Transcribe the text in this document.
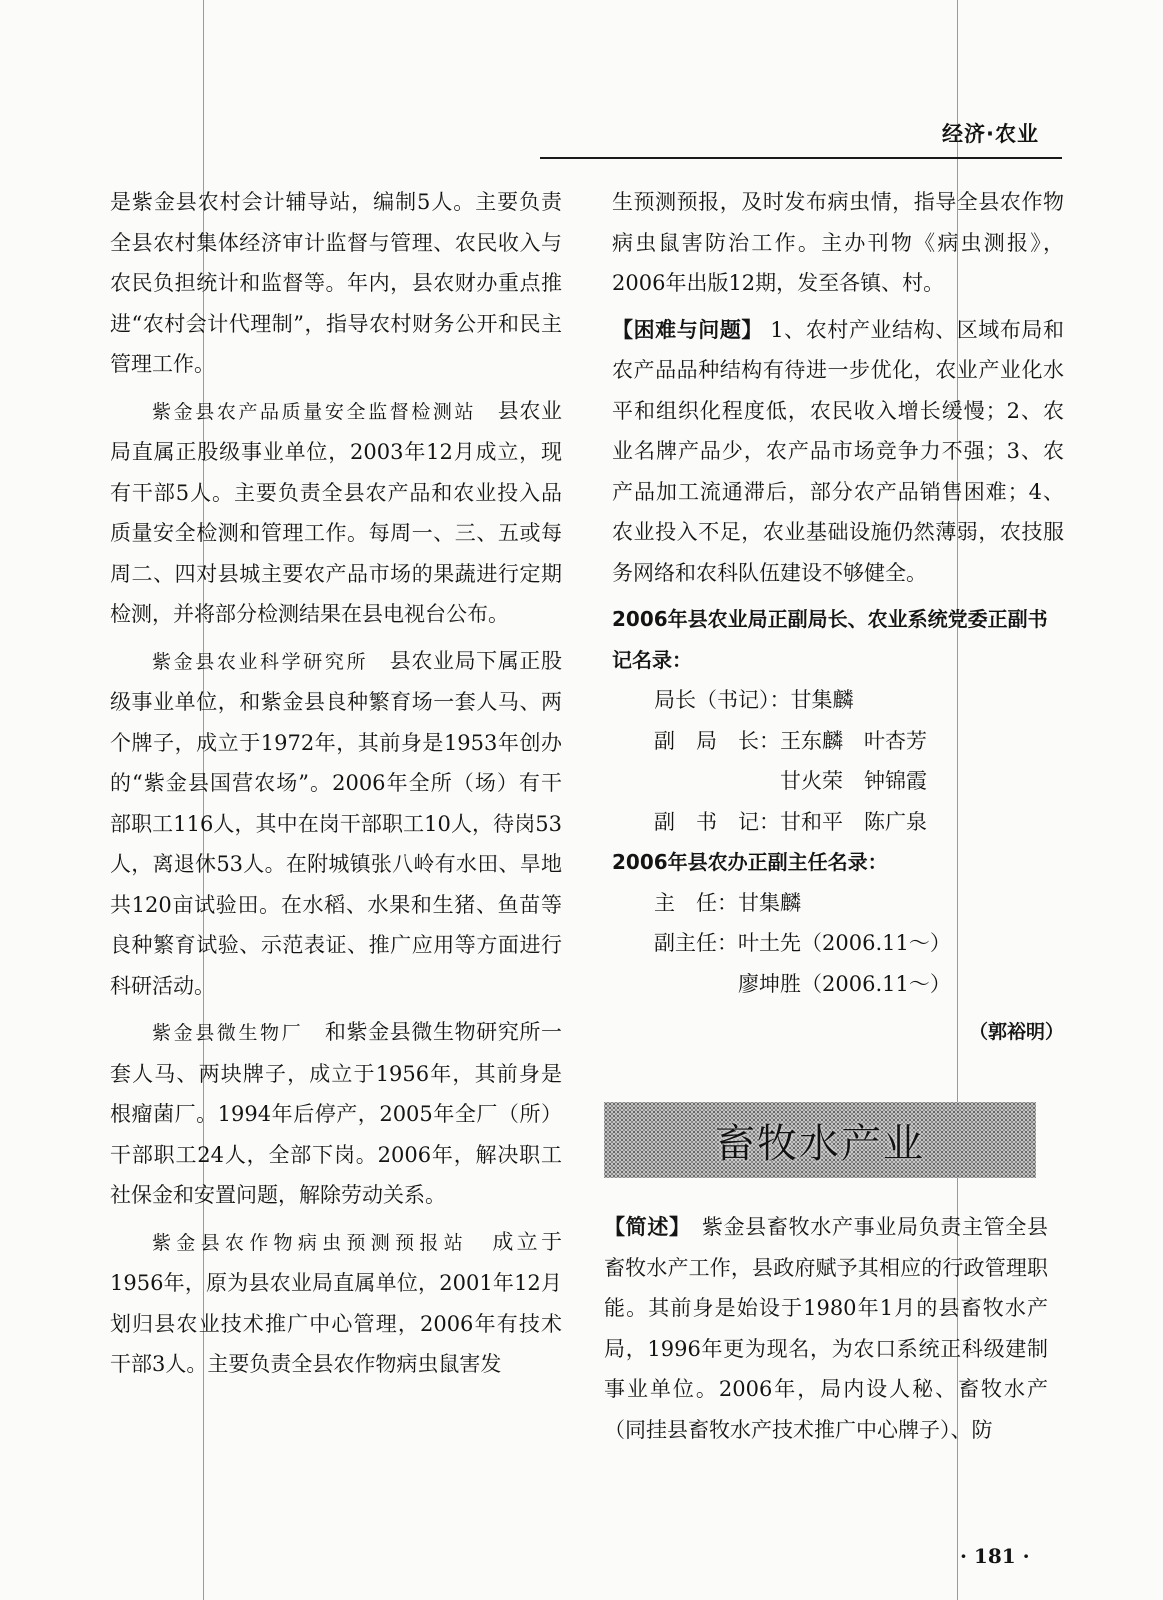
经济·农业

是紫金县农村会计辅导站，编制5人。主要负责全县农村集体经济审计监督与管理、农民收入与农民负担统计和监督等。年内，县农财办重点推进“农村会计代理制”，指导农村财务公开和民主管理工作。

紫金县农产品质量安全监督检测站　 县农业局直属正股级事业单位，2003年12月成立，现有干部5人。主要负责全县农产品和农业投入品质量安全检测和管理工作。每周一、三、五或每周二、四对县城主要农产品市场的果蔬进行定期检测，并将部分检测结果在县电视台公布。

紫金县农业科学研究所　 县农业局下属正股级事业单位，和紫金县良种繁育场一套人马、两个牌子，成立于1972年，其前身是1953年创办的“紫金县国营农场”。2006年全所（场）有干部职工116人，其中在岗干部职工10人，待岗53人，离退休53人。在附城镇张八岭有水田、旱地共120亩试验田。在水稻、水果和生猪、鱼苗等良种繁育试验、示范表证、推广应用等方面进行科研活动。

紫金县微生物厂　 和紫金县微生物研究所一套人马、两块牌子，成立于1956年，其前身是根瘤菌厂。1994年后停产，2005年全厂（所）干部职工24人，全部下岗。2006年，解决职工社保金和安置问题，解除劳动关系。

紫金县农作物病虫预测预报站　 成立于1956年，原为县农业局直属单位，2001年12月划归县农业技术推广中心管理，2006年有技术干部3人。主要负责全县农作物病虫鼠害发

生预测预报，及时发布病虫情，指导全县农作物病虫鼠害防治工作。主办刊物《病虫测报》，2006年出版12期，发至各镇、村。

【困难与问题】 1、农村产业结构、区域布局和农产品品种结构有待进一步优化，农业产业化水平和组织化程度低，农民收入增长缓慢；2、农业名牌产品少，农产品市场竞争力不强；3、农产品加工流通滞后，部分农产品销售困难；4、农业投入不足，农业基础设施仍然薄弱，农技服务网络和农科队伍建设不够健全。

2006年县农业局正副局长、农业系统党委正副书记名录：
局长（书记）：甘集麟
副　局　长：王东麟　叶杏芳
甘火荣　钟锦霞
副　书　记：甘和平　陈广泉
2006年县农办正副主任名录：
主　任：甘集麟
副主任：叶土先（2006.11～）
廖坤胜（2006.11～）
（郭裕明）
畜牧水产业

【简述】　 紫金县畜牧水产事业局负责主管全县畜牧水产工作，县政府赋予其相应的行政管理职能。其前身是始设于1980年1月的县畜牧水产局，1996年更为现名，为农口系统正科级建制事业单位。2006年，局内设人秘、畜牧水产（同挂县畜牧水产技术推广中心牌子）、防

· 181 ·
